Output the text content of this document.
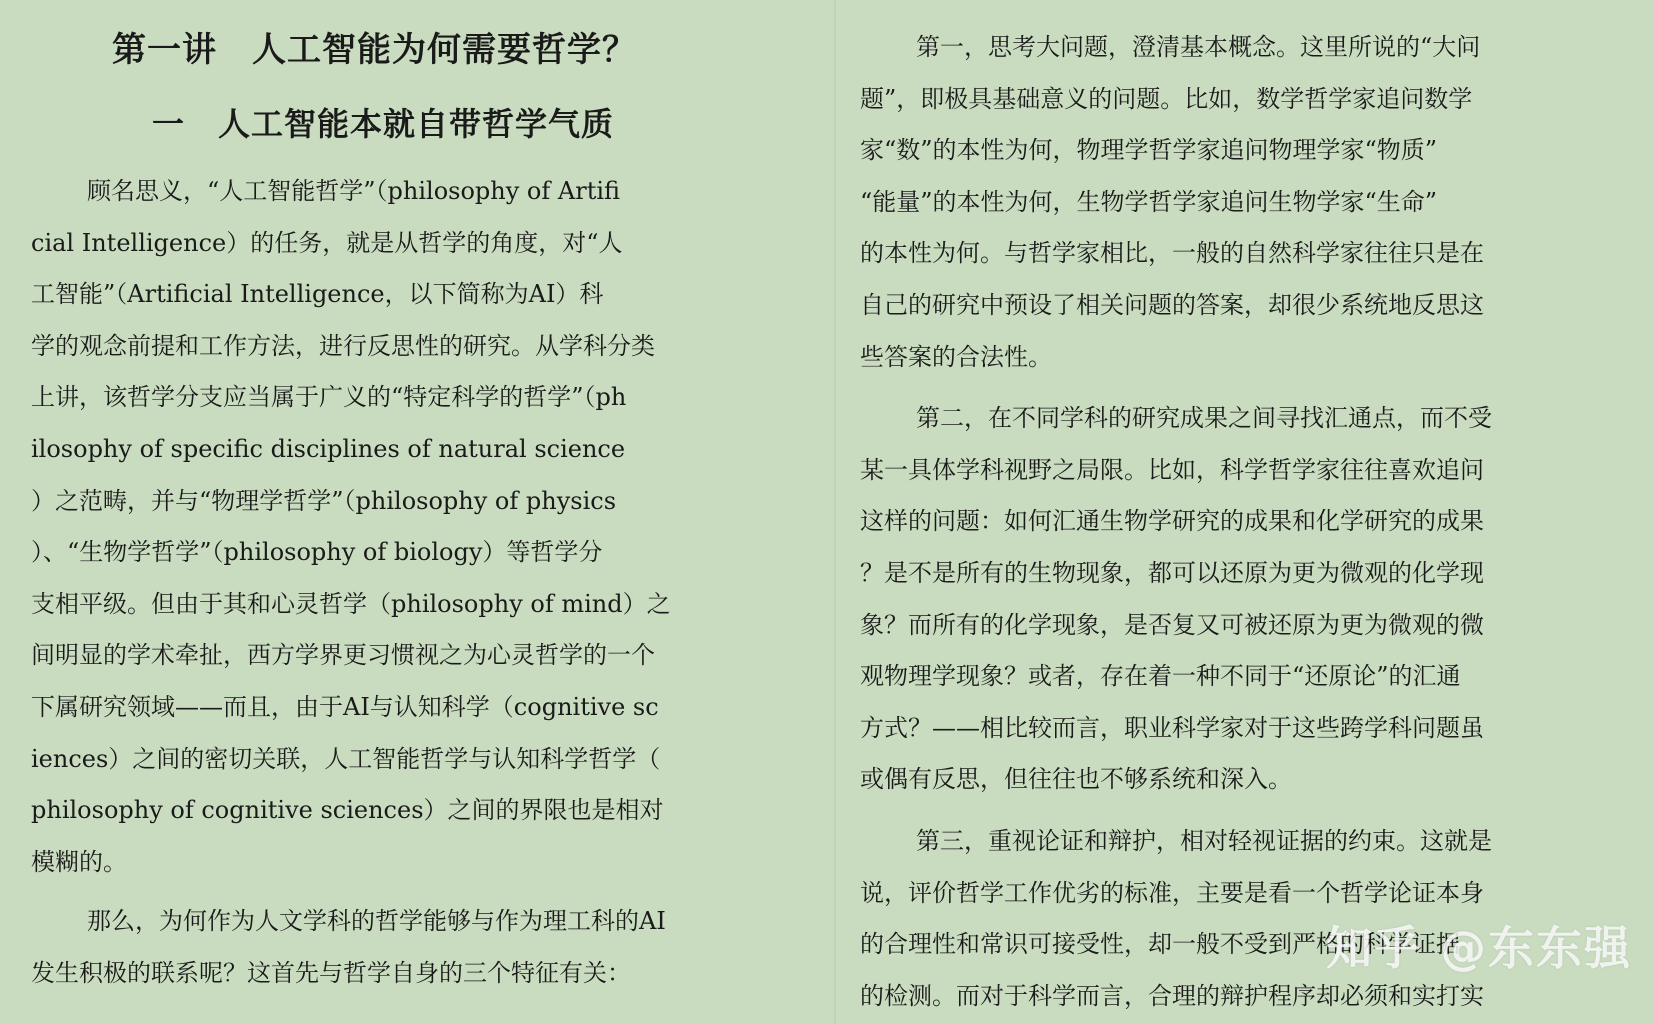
第一讲　人工智能为何需要哲学？
一　人工智能本就自带哲学气质
顾名思义，“人工智能哲学”（philosophy of Artifi
cial Intelligence）的任务，就是从哲学的角度，对“人
工智能”（Artificial Intelligence，以下简称为AI）科
学的观念前提和工作方法，进行反思性的研究。从学科分类
上讲，该哲学分支应当属于广义的“特定科学的哲学”（ph
ilosophy of specific disciplines of natural science
）之范畴，并与“物理学哲学”（philosophy of physics
）、“生物学哲学”（philosophy of biology）等哲学分
支相平级。但由于其和心灵哲学（philosophy of mind）之
间明显的学术牵扯，西方学界更习惯视之为心灵哲学的一个
下属研究领域——而且，由于AI与认知科学（cognitive sc
iences）之间的密切关联，人工智能哲学与认知科学哲学（
philosophy of cognitive sciences）之间的界限也是相对
模糊的。
那么，为何作为人文学科的哲学能够与作为理工科的AI
发生积极的联系呢？这首先与哲学自身的三个特征有关：
第一，思考大问题，澄清基本概念。这里所说的“大问
题”，即极具基础意义的问题。比如，数学哲学家追问数学
家“数”的本性为何，物理学哲学家追问物理学家“物质”
“能量”的本性为何，生物学哲学家追问生物学家“生命”
的本性为何。与哲学家相比，一般的自然科学家往往只是在
自己的研究中预设了相关问题的答案，却很少系统地反思这
些答案的合法性。
第二，在不同学科的研究成果之间寻找汇通点，而不受
某一具体学科视野之局限。比如，科学哲学家往往喜欢追问
这样的问题：如何汇通生物学研究的成果和化学研究的成果
？是不是所有的生物现象，都可以还原为更为微观的化学现
象？而所有的化学现象，是否复又可被还原为更为微观的微
观物理学现象？或者，存在着一种不同于“还原论”的汇通
方式？——相比较而言，职业科学家对于这些跨学科问题虽
或偶有反思，但往往也不够系统和深入。
第三，重视论证和辩护，相对轻视证据的约束。这就是
说，评价哲学工作优劣的标准，主要是看一个哲学论证本身
的合理性和常识可接受性，却一般不受到严格的科学证据
的检测。而对于科学而言，合理的辩护程序却必须和实打实
知乎 @东东强
